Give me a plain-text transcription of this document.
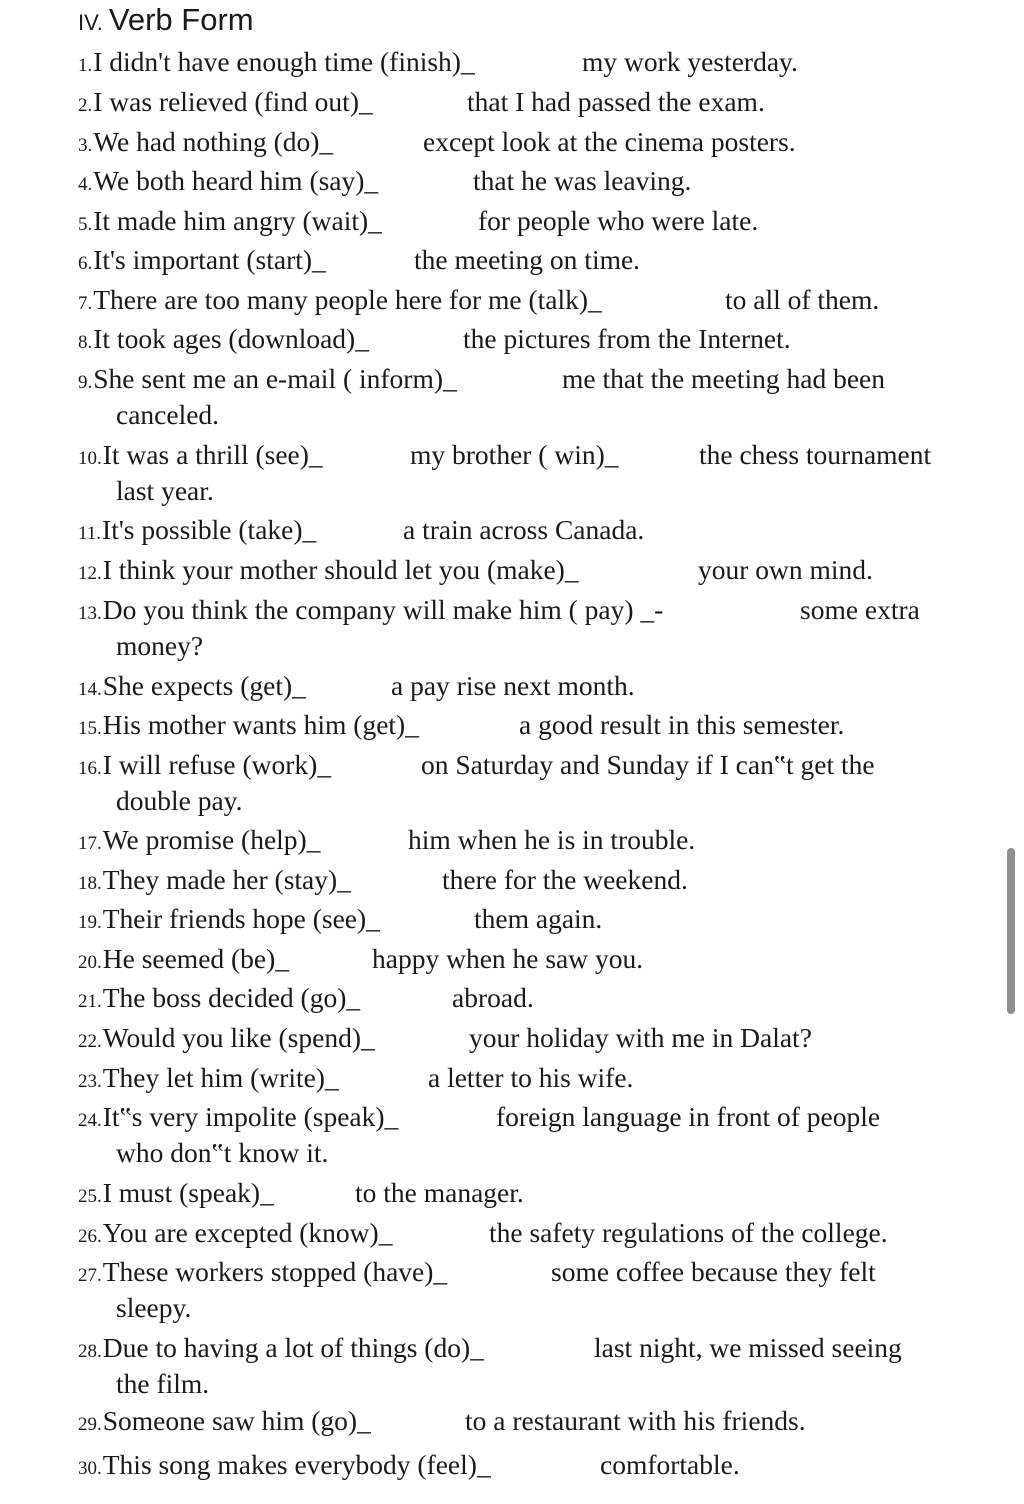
IV. Verb Form
1.I didn't have enough time (finish)_	my work yesterday.
2.I was relieved (find out)_	that I had passed the exam.
3.We had nothing (do)_	except look at the cinema posters.
4.We both heard him (say)_	that he was leaving.
5.It made him angry (wait)_	for people who were late.
6.It's important (start)_	the meeting on time.
7.There are too many people here for me (talk)_	to all of them.
8.It took ages (download)_	the pictures from the Internet.
9.She sent me an e-mail ( inform)_	me that the meeting had been
canceled.
10.It was a thrill (see)_	my brother ( win)_	the chess tournament
last year.
11.It's possible (take)_	a train across Canada.
12.I think your mother should let you (make)_	your own mind.
13.Do you think the company will make him ( pay) _-	some extra
money?
14.She expects (get)_	a pay rise next month.
15.His mother wants him (get)_	a good result in this semester.
16.I will refuse (work)_	on Saturday and Sunday if I can‟t get the
double pay.
17.We promise (help)_	him when he is in trouble.
18.They made her (stay)_	there for the weekend.
19.Their friends hope (see)_	them again.
20.He seemed (be)_	happy when he saw you.
21.The boss decided (go)_	abroad.
22.Would you like (spend)_	your holiday with me in Dalat?
23.They let him (write)_	a letter to his wife.
24.It‟s very impolite (speak)_	foreign language in front of people
who don‟t know it.
25.I must (speak)_	to the manager.
26.You are excepted (know)_	the safety regulations of the college.
27.These workers stopped (have)_	some coffee because they felt
sleepy.
28.Due to having a lot of things (do)_	last night, we missed seeing
the film.
29.Someone saw him (go)_	to a restaurant with his friends.
30.This song makes everybody (feel)_	comfortable.
